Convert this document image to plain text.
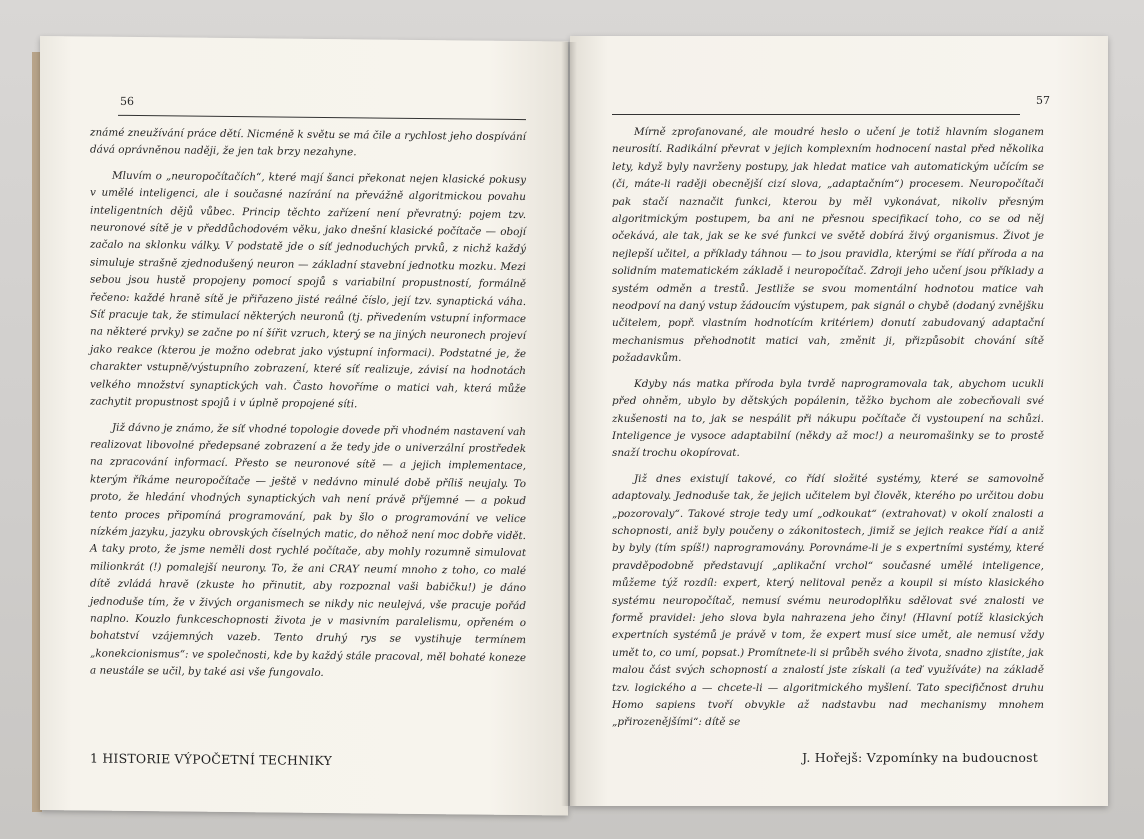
56

známé zneužívání práce dětí. Nicméně k světu se má čile a rychlost jeho dospívání dává oprávněnou naději, že jen tak brzy nezahyne.

Mluvím o „neuropočítačích“, které mají šanci překonat nejen klasické pokusy v umělé inteligenci, ale i současné nazírání na převážně algoritmickou povahu inteligentních dějů vůbec. Princip těchto zařízení není převratný: pojem tzv. neuronové sítě je v předdůchodovém věku, jako dnešní klasické počítače — obojí začalo na sklonku války. V podstatě jde o síť jednoduchých prvků, z nichž každý simuluje strašně zjednodušený neuron — základní stavební jednotku mozku. Mezi sebou jsou hustě propojeny pomocí spojů s variabilní propustností, formálně řečeno: každé hraně sítě je přiřazeno jisté reálné číslo, její tzv. synaptická váha. Síť pracuje tak, že stimulací některých neuronů (tj. přivedením vstupní informace na některé prvky) se začne po ní šířit vzruch, který se na jiných neuronech projeví jako reakce (kterou je možno odebrat jako výstupní informaci). Podstatné je, že charakter vstupně/výstupního zobrazení, které síť realizuje, závisí na hodnotách velkého množství synaptických vah. Často hovoříme o matici vah, která může zachytit propustnost spojů i v úplně propojené síti.

Již dávno je známo, že síť vhodné topologie dovede při vhodném nastavení vah realizovat libovolné předepsané zobrazení a že tedy jde o univerzální prostředek na zpracování informací. Přesto se neuronové sítě — a jejich implementace, kterým říkáme neuropočítače — ještě v nedávno minulé době příliš neujaly. To proto, že hledání vhodných synaptických vah není právě příjemné — a pokud tento proces připomíná programování, pak by šlo o programování ve velice nízkém jazyku, jazyku obrovských číselných matic, do něhož není moc dobře vidět. A taky proto, že jsme neměli dost rychlé počítače, aby mohly rozumně simulovat milionkrát (!) pomalejší neurony. To, že ani CRAY neumí mnoho z toho, co malé dítě zvládá hravě (zkuste ho přinutit, aby rozpoznal vaši babičku!) je dáno jednoduše tím, že v živých organismech se nikdy nic neulejvá, vše pracuje pořád naplno. Kouzlo funkceschopnosti života je v masivním paralelismu, opřeném o bohatství vzájemných vazeb. Tento druhý rys se vystihuje termínem „konekcionismus“: ve společnosti, kde by každý stále pracoval, měl bohaté koneze a neustále se učil, by také asi vše fungovalo.

1 HISTORIE VÝPOČETNÍ TECHNIKY
57

Mírně zprofanované, ale moudré heslo o učení je totiž hlavním sloganem neurosítí. Radikální převrat v jejich komplexním hodnocení nastal před několika lety, když byly navrženy postupy, jak hledat matice vah automatickým učícím se (či, máte-li raději obecnější cizí slova, „adaptačním“) procesem. Neuropočítači pak stačí naznačit funkci, kterou by měl vykonávat, nikoliv přesným algoritmickým postupem, ba ani ne přesnou specifikací toho, co se od něj očekává, ale tak, jak se ke své funkci ve světě dobírá živý organismus. Život je nejlepší učitel, a příklady táhnou — to jsou pravidla, kterými se řídí příroda a na solidním matematickém základě i neuropočítač. Zdroji jeho učení jsou příklady a systém odměn a trestů. Jestliže se svou momentální hodnotou matice vah neodpoví na daný vstup žádoucím výstupem, pak signál o chybě (dodaný zvnějšku učitelem, popř. vlastním hodnotícím kritériem) donutí zabudovaný adaptační mechanismus přehodnotit matici vah, změnit ji, přizpůsobit chování sítě požadavkům.

Kdyby nás matka příroda byla tvrdě naprogramovala tak, abychom ucukli před ohněm, ubylo by dětských popálenin, těžko bychom ale zobecňovali své zkušenosti na to, jak se nespálit při nákupu počítače či vystoupení na schůzi. Inteligence je vysoce adaptabilní (někdy až moc!) a neuromašinky se to prostě snaží trochu okopírovat.

Již dnes existují takové, co řídí složité systémy, které se samovolně adaptovaly. Jednoduše tak, že jejich učitelem byl člověk, kterého po určitou dobu „pozorovaly“. Takové stroje tedy umí „odkoukat“ (extrahovat) v okolí znalosti a schopnosti, aniž byly poučeny o zákonitostech, jimiž se jejich reakce řídí a aniž by byly (tím spíš!) naprogramovány. Porovnáme-li je s expertními systémy, které pravděpodobně představují „aplikační vrchol“ současné umělé inteligence, můžeme týž rozdíl: expert, který nelitoval peněz a koupil si místo klasického systému neuropočítač, nemusí svému neurodoplňku sdělovat své znalosti ve formě pravidel: jeho slova byla nahrazena jeho činy! (Hlavní potíž klasických expertních systémů je právě v tom, že expert musí sice umět, ale nemusí vždy umět to, co umí, popsat.) Promítnete-li si průběh svého života, snadno zjistíte, jak malou část svých schopností a znalostí jste získali (a teď využíváte) na základě tzv. logického a — chcete-li — algoritmického myšlení. Tato specifičnost druhu Homo sapiens tvoří obvykle až nadstavbu nad mechanismy mnohem „přirozenějšími“: dítě se

J. Hořejš: Vzpomínky na budoucnost
